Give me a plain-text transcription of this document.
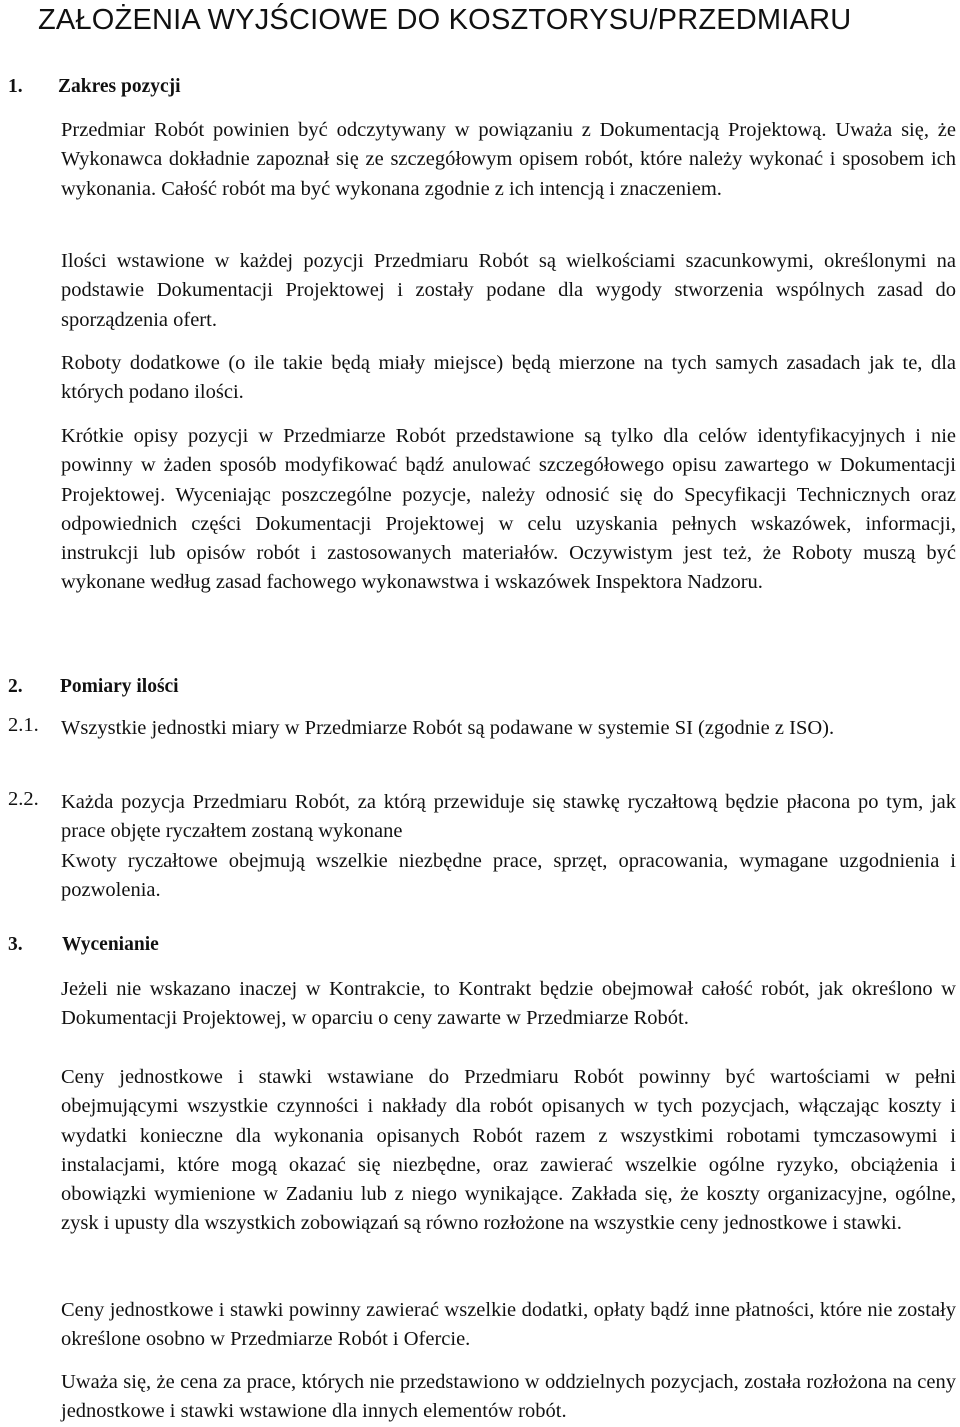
ZAŁOŻENIA WYJŚCIOWE DO KOSZTORYSU/PRZEDMIARU
1. Zakres pozycji

Przedmiar Robót powinien być odczytywany w powiązaniu z Dokumentacją Projektową. Uważa się, że Wykonawca dokładnie zapoznał się ze szczegółowym opisem robót, które należy wykonać i sposobem ich wykonania. Całość robót ma być wykonana zgodnie z ich intencją i znaczeniem.

Ilości wstawione w każdej pozycji Przedmiaru Robót są wielkościami szacunkowymi, określonymi na podstawie Dokumentacji Projektowej i zostały podane dla wygody stworzenia wspólnych zasad do sporządzenia ofert.

Roboty dodatkowe (o ile takie będą miały miejsce) będą mierzone na tych samych zasadach jak te, dla których podano ilości.

Krótkie opisy pozycji w Przedmiarze Robót przedstawione są tylko dla celów identyfikacyjnych i nie powinny w żaden sposób modyfikować bądź anulować szczegółowego opisu zawartego w Dokumentacji Projektowej. Wyceniając poszczególne pozycje, należy odnosić się do Specyfikacji Technicznych oraz odpowiednich części Dokumentacji Projektowej w celu uzyskania pełnych wskazówek, informacji, instrukcji lub opisów robót i zastosowanych materiałów. Oczywistym jest też, że Roboty muszą być wykonane według zasad fachowego wykonawstwa i wskazówek Inspektora Nadzoru.

2. Pomiary ilości
2.1. Wszystkie jednostki miary w Przedmiarze Robót są podawane w systemie SI (zgodnie z ISO).
2.2. Każda pozycja Przedmiaru Robót, za którą przewiduje się stawkę ryczałtową będzie płacona po tym, jak prace objęte ryczałtem zostaną wykonane
Kwoty ryczałtowe obejmują wszelkie niezbędne prace, sprzęt, opracowania, wymagane uzgodnienia i pozwolenia.
3. Wycenianie

Jeżeli nie wskazano inaczej w Kontrakcie, to Kontrakt będzie obejmował całość robót, jak określono w Dokumentacji Projektowej, w oparciu o ceny zawarte w Przedmiarze Robót.

Ceny jednostkowe i stawki wstawiane do Przedmiaru Robót powinny być wartościami w pełni obejmującymi wszystkie czynności i nakłady dla robót opisanych w tych pozycjach, włączając koszty i wydatki konieczne dla wykonania opisanych Robót razem z wszystkimi robotami tymczasowymi i instalacjami, które mogą okazać się niezbędne, oraz zawierać wszelkie ogólne ryzyko, obciążenia i obowiązki wymienione w Zadaniu lub z niego wynikające. Zakłada się, że koszty organizacyjne, ogólne, zysk i upusty dla wszystkich zobowiązań są równo rozłożone na wszystkie ceny jednostkowe i stawki.

Ceny jednostkowe i stawki powinny zawierać wszelkie dodatki, opłaty bądź inne płatności, które nie zostały określone osobno w Przedmiarze Robót i Ofercie.

Uważa się, że cena za prace, których nie przedstawiono w oddzielnych pozycjach, została rozłożona na ceny jednostkowe i stawki wstawione dla innych elementów robót.
